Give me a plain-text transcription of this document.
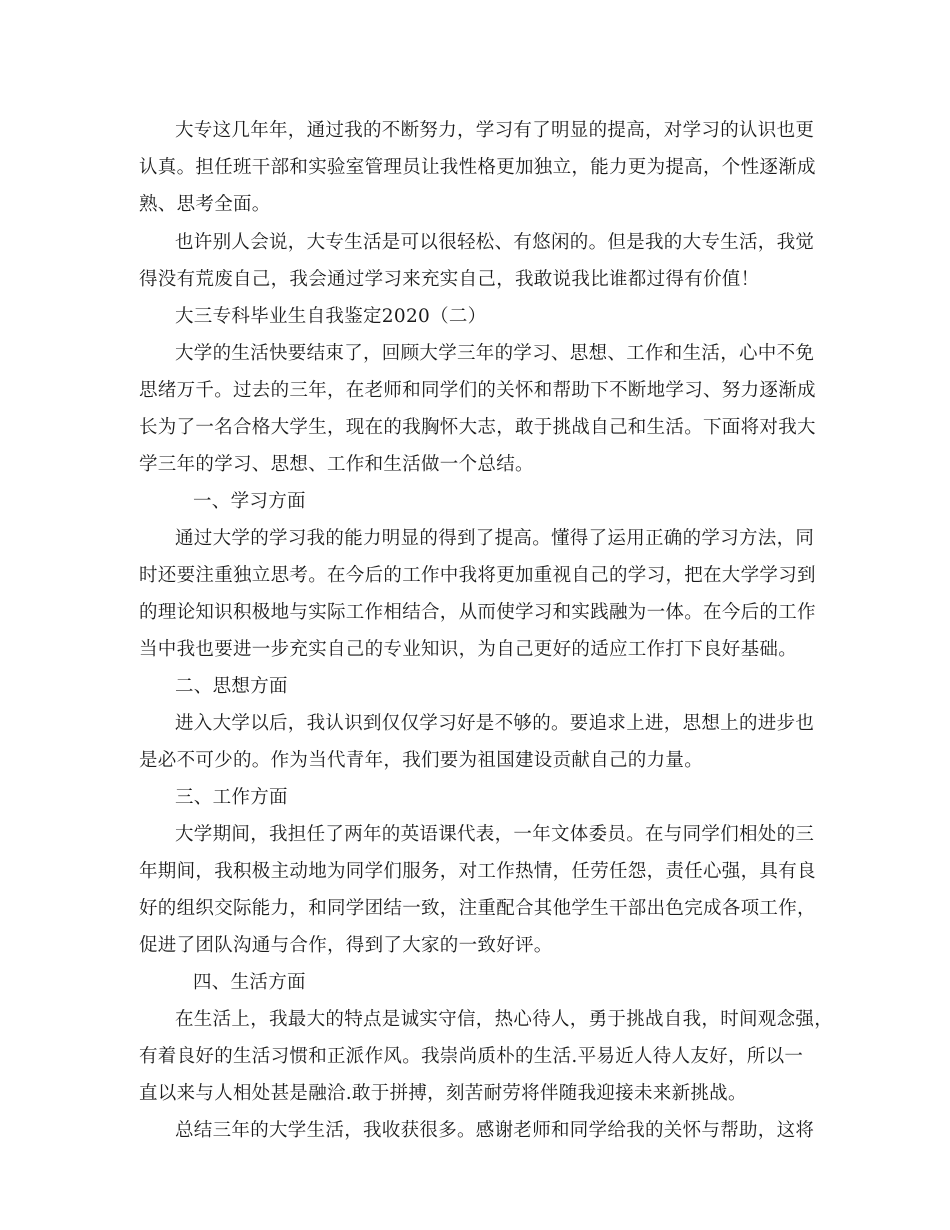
大专这几年年，通过我的不断努力，学习有了明显的提高，对学习的认识也更
认真。担任班干部和实验室管理员让我性格更加独立，能力更为提高，个性逐渐成
熟、思考全面。
也许别人会说，大专生活是可以很轻松、有悠闲的。但是我的大专生活，我觉
得没有荒废自己，我会通过学习来充实自己，我敢说我比谁都过得有价值！
大三专科毕业生自我鉴定2020（二）
大学的生活快要结束了，回顾大学三年的学习、思想、工作和生活，心中不免
思绪万千。过去的三年，在老师和同学们的关怀和帮助下不断地学习、努力逐渐成
长为了一名合格大学生，现在的我胸怀大志，敢于挑战自己和生活。下面将对我大
学三年的学习、思想、工作和生活做一个总结。
一、学习方面
通过大学的学习我的能力明显的得到了提高。懂得了运用正确的学习方法，同
时还要注重独立思考。在今后的工作中我将更加重视自己的学习，把在大学学习到
的理论知识积极地与实际工作相结合，从而使学习和实践融为一体。在今后的工作
当中我也要进一步充实自己的专业知识，为自己更好的适应工作打下良好基础。
二、思想方面
进入大学以后，我认识到仅仅学习好是不够的。要追求上进，思想上的进步也
是必不可少的。作为当代青年，我们要为祖国建设贡献自己的力量。
三、工作方面
大学期间，我担任了两年的英语课代表，一年文体委员。在与同学们相处的三
年期间，我积极主动地为同学们服务，对工作热情，任劳任怨，责任心强，具有良
好的组织交际能力，和同学团结一致，注重配合其他学生干部出色完成各项工作，
促进了团队沟通与合作，得到了大家的一致好评。
四、生活方面
在生活上，我最大的特点是诚实守信，热心待人，勇于挑战自我，时间观念强，
有着良好的生活习惯和正派作风。我崇尚质朴的生活.平易近人待人友好，所以一
直以来与人相处甚是融洽.敢于拼搏，刻苦耐劳将伴随我迎接未来新挑战。
总结三年的大学生活，我收获很多。感谢老师和同学给我的关怀与帮助，这将
